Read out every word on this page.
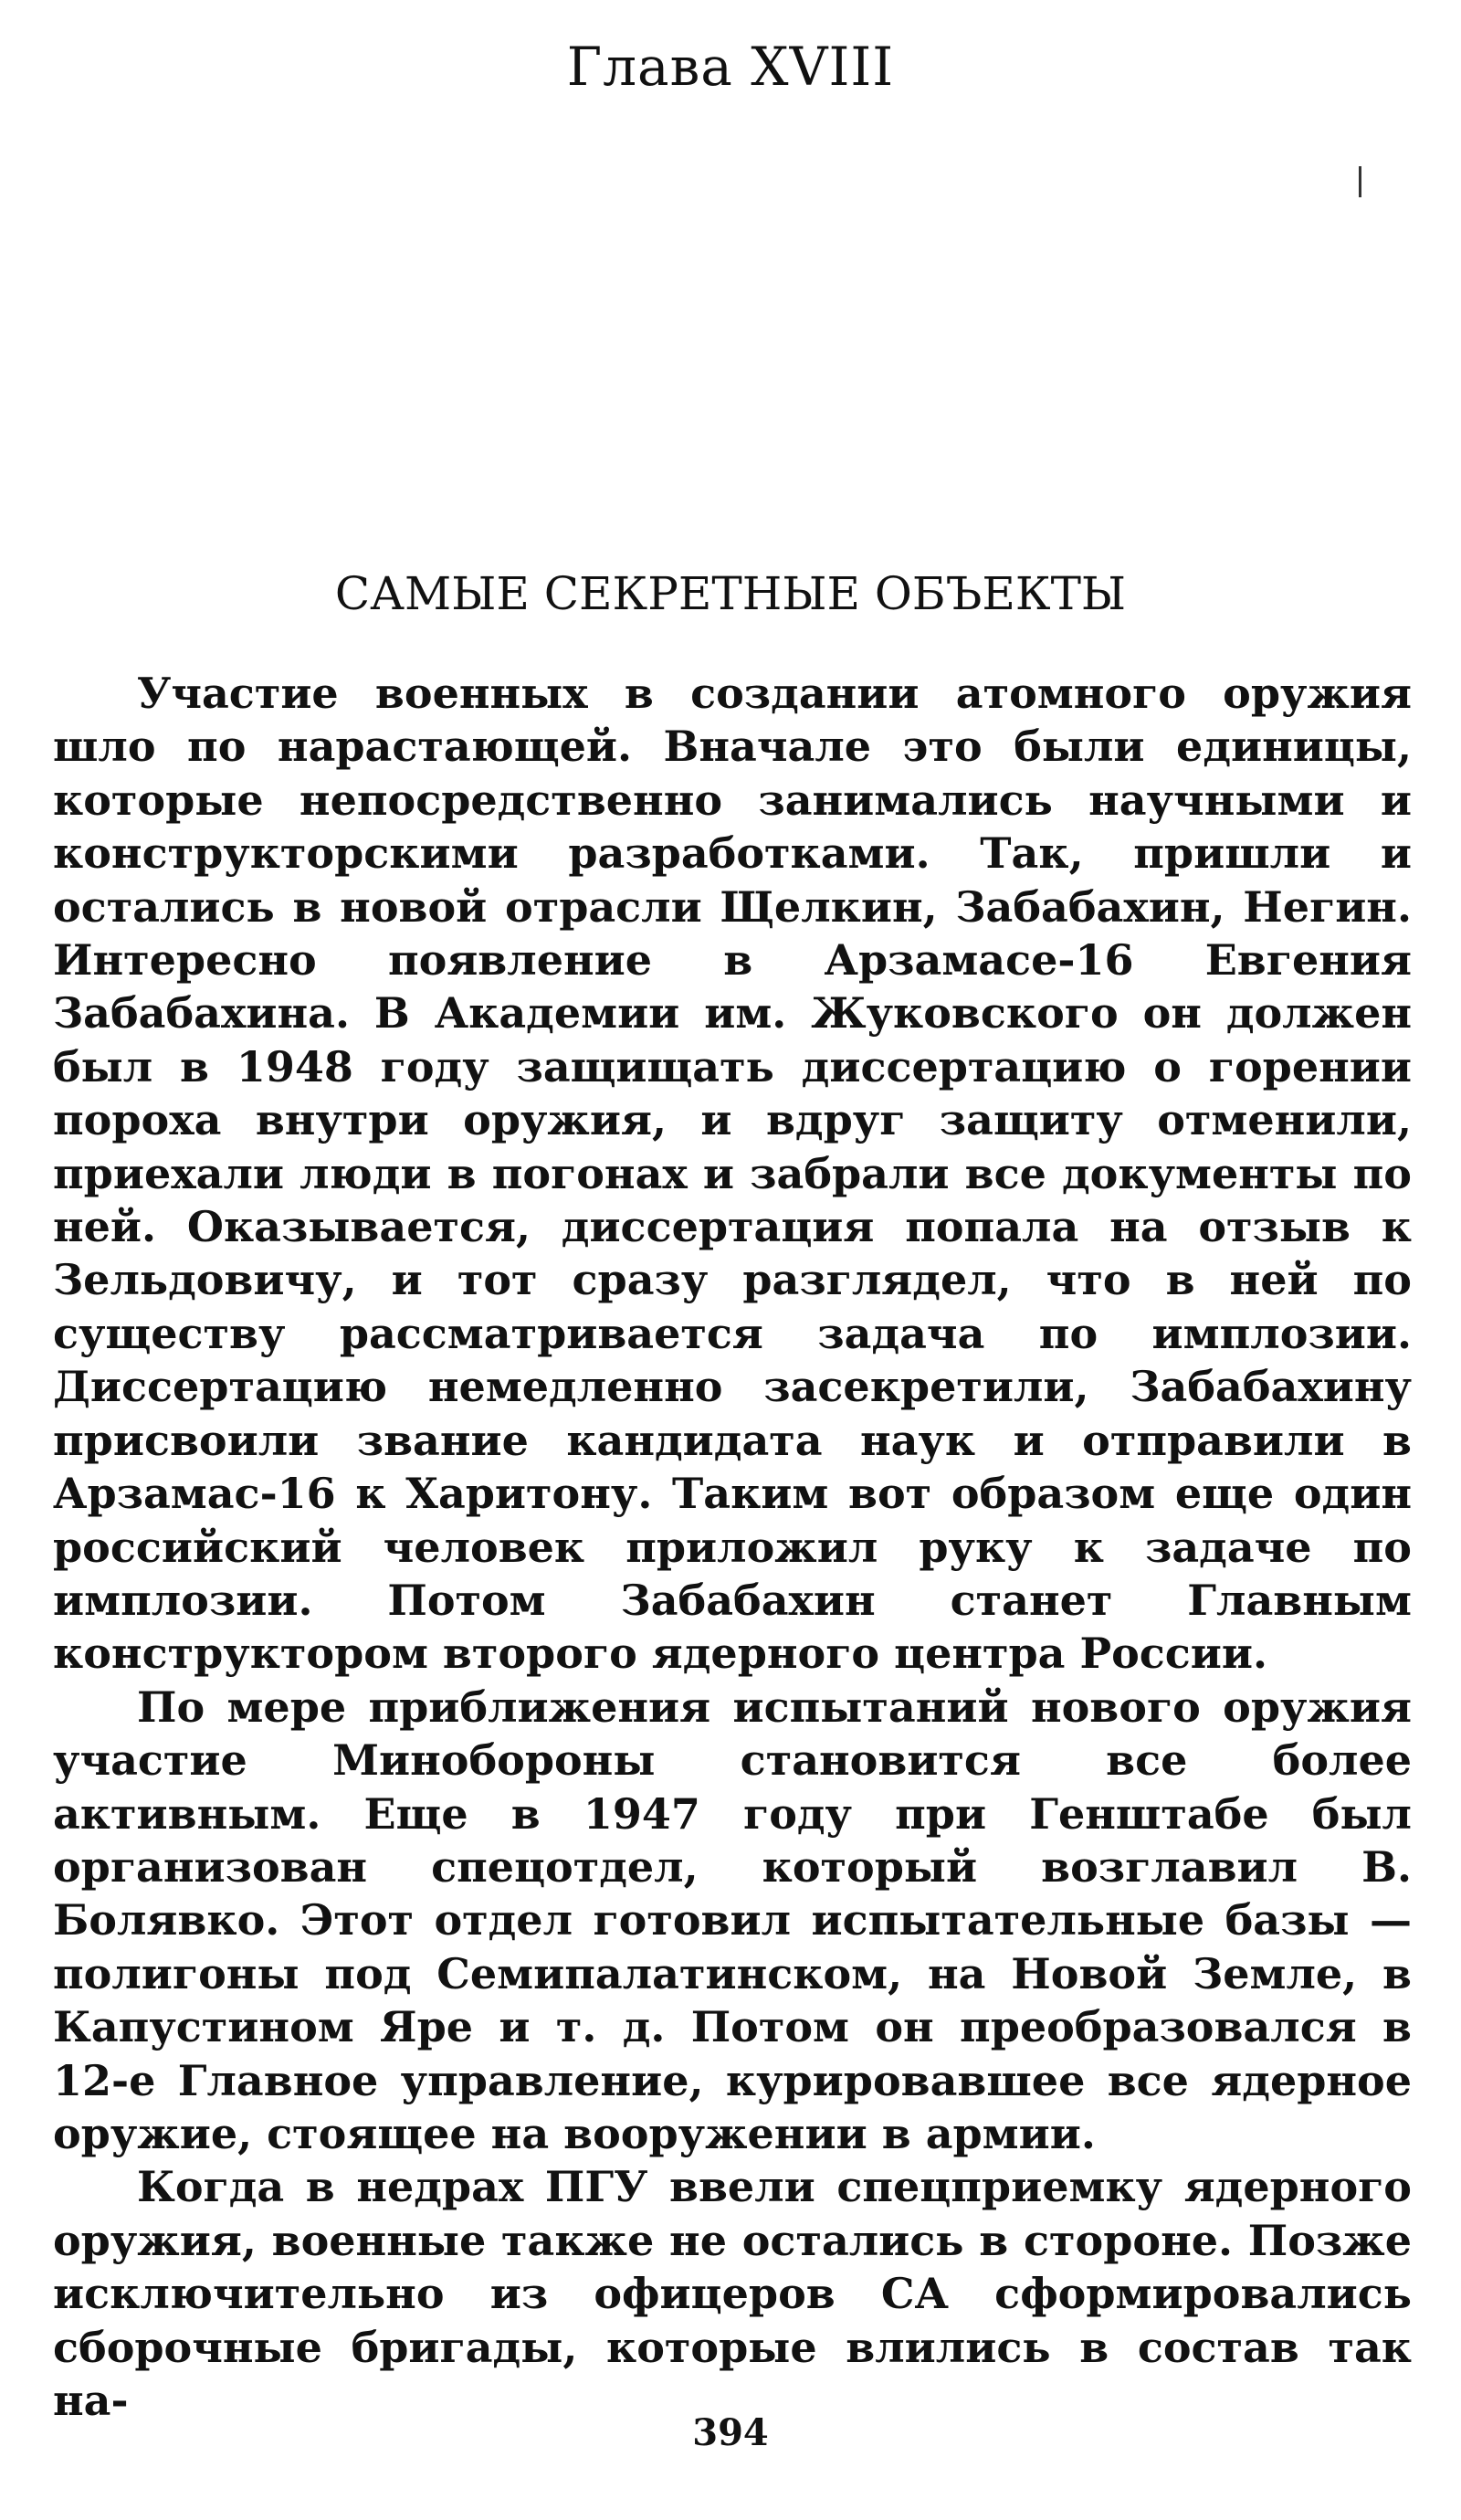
Глава XVIII
САМЫЕ СЕКРЕТНЫЕ ОБЪЕКТЫ

Участие военных в создании атомного оружия шло по нарастающей. Вначале это были единицы, которые непосредственно занимались научными и конструкторскими разработками. Так, пришли и остались в новой отрасли Щелкин, Забабахин, Негин. Интересно появление в Арзамасе-16 Евгения Забабахина. В Академии им. Жуковского он должен был в 1948 году защищать диссертацию о горении пороха внутри оружия, и вдруг защиту отменили, приехали люди в погонах и забрали все документы по ней. Оказывается, диссертация попала на отзыв к Зельдовичу, и тот сразу разглядел, что в ней по существу рассматривается задача по имплозии. Диссертацию немедленно засекретили, Забабахину присвоили звание кандидата наук и отправили в Арзамас-16 к Харитону. Таким вот образом еще один российский человек приложил руку к задаче по имплозии. Потом Забабахин станет Главным конструктором второго ядерного центра России.

По мере приближения испытаний нового оружия участие Минобороны становится все более активным. Еще в 1947 году при Генштабе был организован спецотдел, который возглавил В. Болявко. Этот отдел готовил испытательные базы — полигоны под Семипалатинском, на Новой Земле, в Капустином Яре и т. д. Потом он преобразовался в 12-е Главное управление, курировавшее все ядерное оружие, стоящее на вооружении в армии.

Когда в недрах ПГУ ввели спецприемку ядерного оружия, военные также не остались в стороне. Позже исключительно из офицеров СА сформировались сборочные бригады, которые влились в состав так на-

394
